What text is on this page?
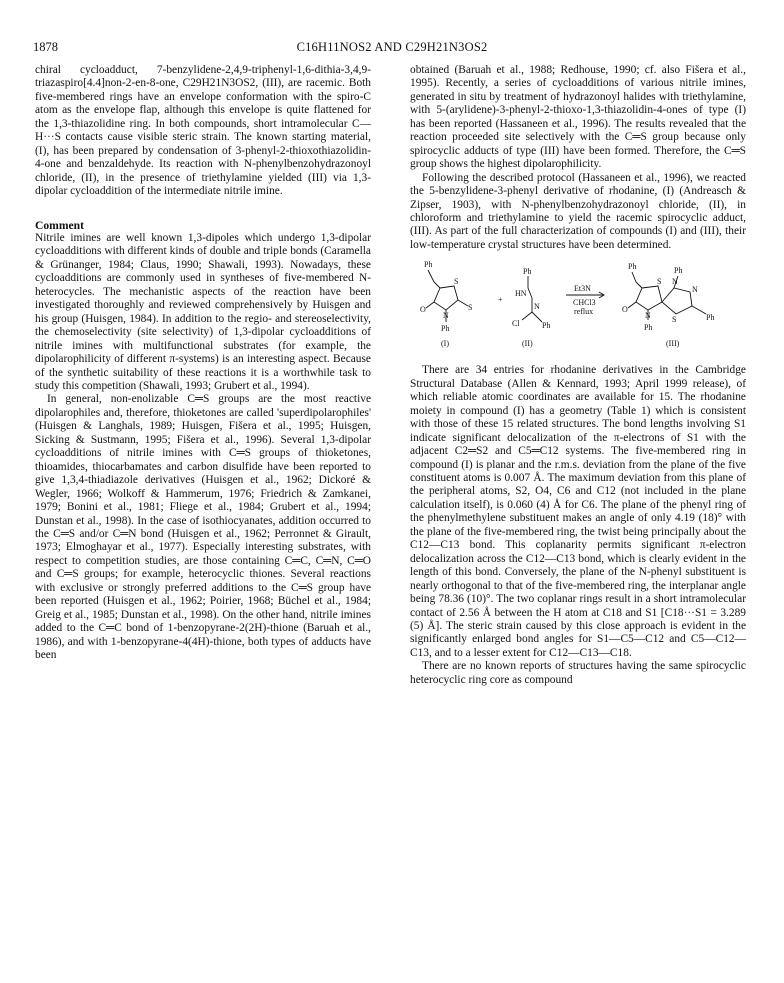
1878	C16H11NOS2 AND C29H21N3OS2

chiral cycloadduct, 7-benzylidene-2,4,9-triphenyl-1,6-dithia-3,4,9-triazaspiro[4.4]non-2-en-8-one, C29H21N3OS2, (III), are racemic. Both five-membered rings have an envelope conformation with the spiro-C atom as the envelope flap, although this envelope is quite flattened for the 1,3-thiazolidine ring. In both compounds, short intramolecular C—H···S contacts cause visible steric strain. The known starting material, (I), has been prepared by condensation of 3-phenyl-2-thioxothiazolidin-4-one and benzaldehyde. Its reaction with N-phenylbenzohydrazonoyl chloride, (II), in the presence of triethylamine yielded (III) via 1,3-dipolar cycloaddition of the intermediate nitrile imine.

Comment

Nitrile imines are well known 1,3-dipoles which undergo 1,3-dipolar cycloadditions with different kinds of double and triple bonds (Caramella & Grünanger, 1984; Claus, 1990; Shawali, 1993). Nowadays, these cycloadditions are commonly used in syntheses of five-membered N-heterocycles. The mechanistic aspects of the reaction have been investigated thoroughly and reviewed comprehensively by Huisgen and his group (Huisgen, 1984). In addition to the regio- and stereoselectivity, the chemoselectivity (site selectivity) of 1,3-dipolar cycloadditions of nitrile imines with multifunctional substrates (for example, the dipolarophilicity of different π-systems) is an interesting aspect. Because of the synthetic suitability of these reactions it is a worthwhile task to study this competition (Shawali, 1993; Grubert et al., 1994).

In general, non-enolizable C═S groups are the most reactive dipolarophiles and, therefore, thioketones are called 'superdipolarophiles' (Huisgen & Langhals, 1989; Huisgen, Fišera et al., 1995; Huisgen, Sicking & Sustmann, 1995; Fišera et al., 1996). Several 1,3-dipolar cycloadditions of nitrile imines with C═S groups of thioketones, thioamides, thiocarbamates and carbon disulfide have been reported to give 1,3,4-thiadiazole derivatives (Huisgen et al., 1962; Dickoré & Wegler, 1966; Wolkoff & Hammerum, 1976; Friedrich & Zamkanei, 1979; Bonini et al., 1981; Fliege et al., 1984; Grubert et al., 1994; Dunstan et al., 1998). In the case of isothiocyanates, addition occurred to the C═S and/or C═N bond (Huisgen et al., 1962; Perronnet & Girault, 1973; Elmoghayar et al., 1977). Especially interesting substrates, with respect to competition studies, are those containing C═C, C═N, C═O and C═S groups; for example, heterocyclic thiones. Several reactions with exclusive or strongly preferred additions to the C═S group have been reported (Huisgen et al., 1962; Poirier, 1968; Büchel et al., 1984; Greig et al., 1985; Dunstan et al., 1998). On the other hand, nitrile imines added to the C═C bond of 1-benzopyrane-2(2H)-thione (Baruah et al., 1986), and with 1-benzopyrane-4(4H)-thione, both types of adducts have been

obtained (Baruah et al., 1988; Redhouse, 1990; cf. also Fišera et al., 1995). Recently, a series of cycloadditions of various nitrile imines, generated in situ by treatment of hydrazonoyl halides with triethylamine, with 5-(arylidene)-3-phenyl-2-thioxo-1,3-thiazolidin-4-ones of type (I) has been reported (Hassaneen et al., 1996). The results revealed that the reaction proceeded site selectively with the C═S group because only spirocyclic adducts of type (III) have been formed. Therefore, the C═S group shows the highest dipolarophilicity.

Following the described protocol (Hassaneen et al., 1996), we reacted the 5-benzylidene-3-phenyl derivative of rhodanine, (I) (Andreasch & Zipser, 1903), with N-phenylbenzohydrazonoyl chloride, (II), in chloroform and triethylamine to yield the racemic spirocyclic adduct, (III). As part of the full characterization of compounds (I) and (III), their low-temperature crystal structures have been determined.

Ph
S
S
O
N
Ph
(I)
+
Ph
HN
N
Cl	Ph
(II)
Et3N
CHCl3
reflux
Ph
S
O
N
Ph
N
Ph
N
S	Ph
(III)

There are 34 entries for rhodanine derivatives in the Cambridge Structural Database (Allen & Kennard, 1993; April 1999 release), of which reliable atomic coordinates are available for 15. The rhodanine moiety in compound (I) has a geometry (Table 1) which is consistent with those of these 15 related structures. The bond lengths involving S1 indicate significant delocalization of the π-electrons of S1 with the adjacent C2═S2 and C5═C12 systems. The five-membered ring in compound (I) is planar and the r.m.s. deviation from the plane of the five constituent atoms is 0.007 Å. The maximum deviation from this plane of the peripheral atoms, S2, O4, C6 and C12 (not included in the plane calculation itself), is 0.060 (4) Å for C6. The plane of the phenyl ring of the phenylmethylene substituent makes an angle of only 4.19 (18)° with the plane of the five-membered ring, the twist being principally about the C12—C13 bond. This coplanarity permits significant π-electron delocalization across the C12—C13 bond, which is clearly evident in the length of this bond. Conversely, the plane of the N-phenyl substituent is nearly orthogonal to that of the five-membered ring, the interplanar angle being 78.36 (10)°. The two coplanar rings result in a short intramolecular contact of 2.56 Å between the H atom at C18 and S1 [C18···S1 = 3.289 (5) Å]. The steric strain caused by this close approach is evident in the significantly enlarged bond angles for S1—C5—C12 and C5—C12—C13, and to a lesser extent for C12—C13—C18.

There are no known reports of structures having the same spirocyclic heterocyclic ring core as compound
